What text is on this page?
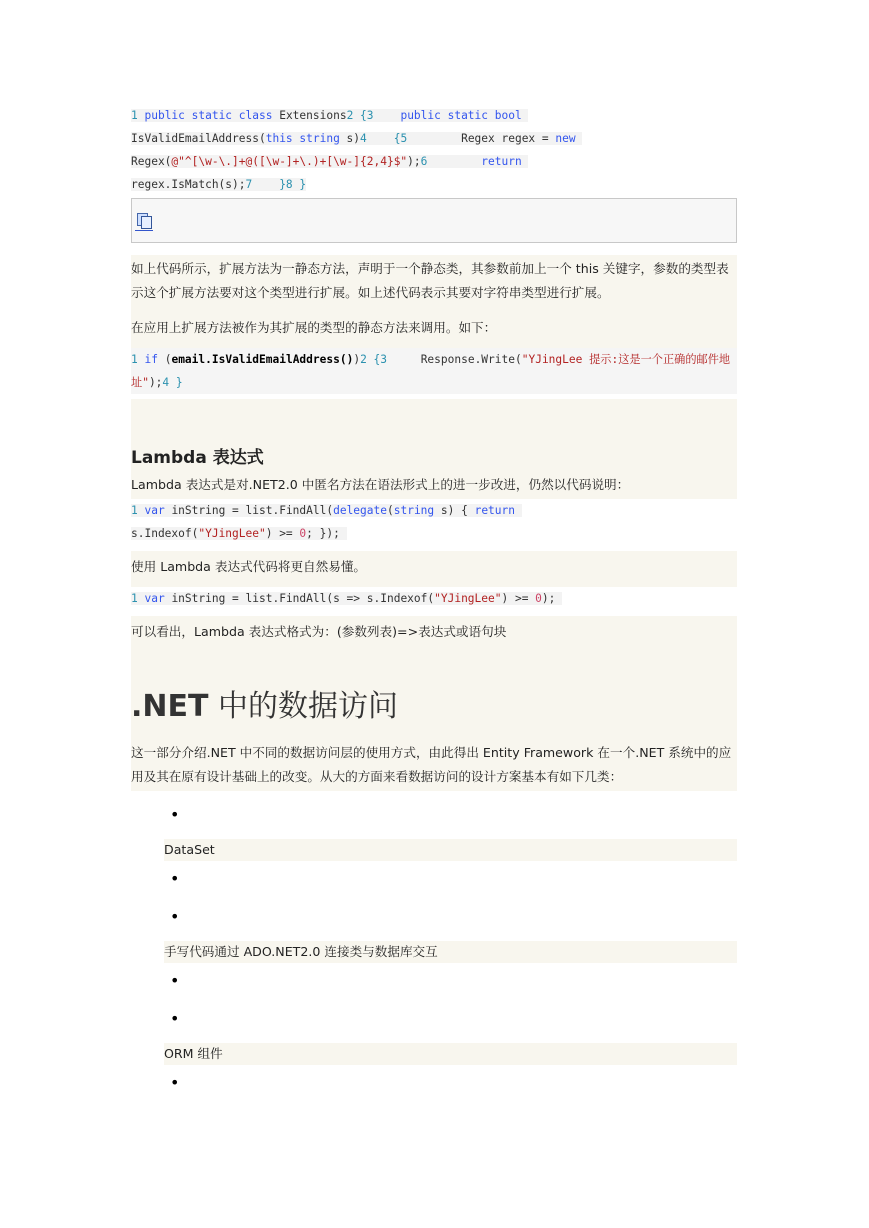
1 public static class Extensions2 {3    public static bool
IsValidEmailAddress(this string s)4    {5        Regex regex = new
Regex(@"^[\w-\.]+@([\w-]+\.)+[\w-]{2,4}$");6        return
regex.IsMatch(s);7    }8 }
如上代码所示，扩展方法为一静态方法，声明于一个静态类，其参数前加上一个 this 关键字，参数的类型表示这个扩展方法要对这个类型进行扩展。如上述代码表示其要对字符串类型进行扩展。
在应用上扩展方法被作为其扩展的类型的静态方法来调用。如下：
1 if (email.IsValidEmailAddress())2 {3     Response.Write("YJingLee 提示:这是一个正确的邮件地址");4 }
Lambda 表达式
Lambda 表达式是对.NET2.0 中匿名方法在语法形式上的进一步改进，仍然以代码说明：
1 var inString = list.FindAll(delegate(string s) { return
s.Indexof("YJingLee") >= 0; });
使用 Lambda 表达式代码将更自然易懂。
1 var inString = list.FindAll(s => s.Indexof("YJingLee") >= 0);
可以看出，Lambda 表达式格式为：(参数列表)=>表达式或语句块
.NET 中的数据访问
这一部分介绍.NET 中不同的数据访问层的使用方式，由此得出 Entity Framework 在一个.NET 系统中的应用及其在原有设计基础上的改变。从大的方面来看数据访问的设计方案基本有如下几类：
•
DataSet
•
•
手写代码通过 ADO.NET2.0 连接类与数据库交互
•
•
ORM 组件
•
